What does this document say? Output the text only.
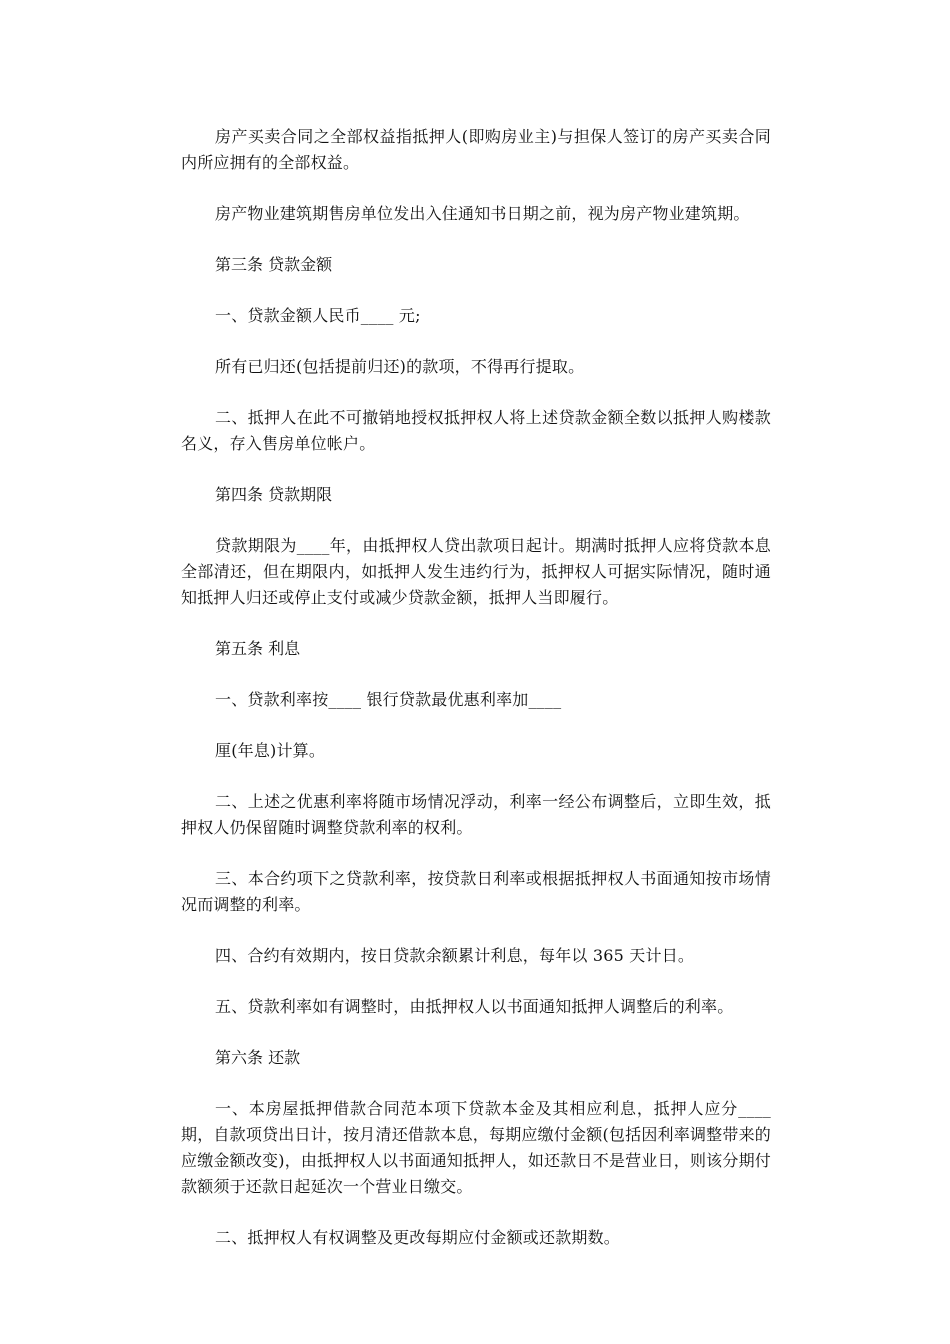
房产买卖合同之全部权益指抵押人(即购房业主)与担保人签订的房产买卖合同内所应拥有的全部权益。

房产物业建筑期售房单位发出入住通知书日期之前，视为房产物业建筑期。

第三条 贷款金额

一、贷款金额人民币____ 元;

所有已归还(包括提前归还)的款项，不得再行提取。

二、抵押人在此不可撤销地授权抵押权人将上述贷款金额全数以抵押人购楼款名义，存入售房单位帐户。

第四条 贷款期限

贷款期限为____年，由抵押权人贷出款项日起计。期满时抵押人应将贷款本息全部清还，但在期限内，如抵押人发生违约行为，抵押权人可据实际情况，随时通知抵押人归还或停止支付或减少贷款金额，抵押人当即履行。

第五条 利息

一、贷款利率按____ 银行贷款最优惠利率加____

厘(年息)计算。

二、上述之优惠利率将随市场情况浮动，利率一经公布调整后，立即生效，抵押权人仍保留随时调整贷款利率的权利。

三、本合约项下之贷款利率，按贷款日利率或根据抵押权人书面通知按市场情况而调整的利率。

四、合约有效期内，按日贷款余额累计利息，每年以 365 天计日。

五、贷款利率如有调整时，由抵押权人以书面通知抵押人调整后的利率。

第六条 还款

一、本房屋抵押借款合同范本项下贷款本金及其相应利息，抵押人应分____期，自款项贷出日计，按月清还借款本息，每期应缴付金额(包括因利率调整带来的应缴金额改变)，由抵押权人以书面通知抵押人，如还款日不是营业日，则该分期付款额须于还款日起延次一个营业日缴交。

二、抵押权人有权调整及更改每期应付金额或还款期数。
